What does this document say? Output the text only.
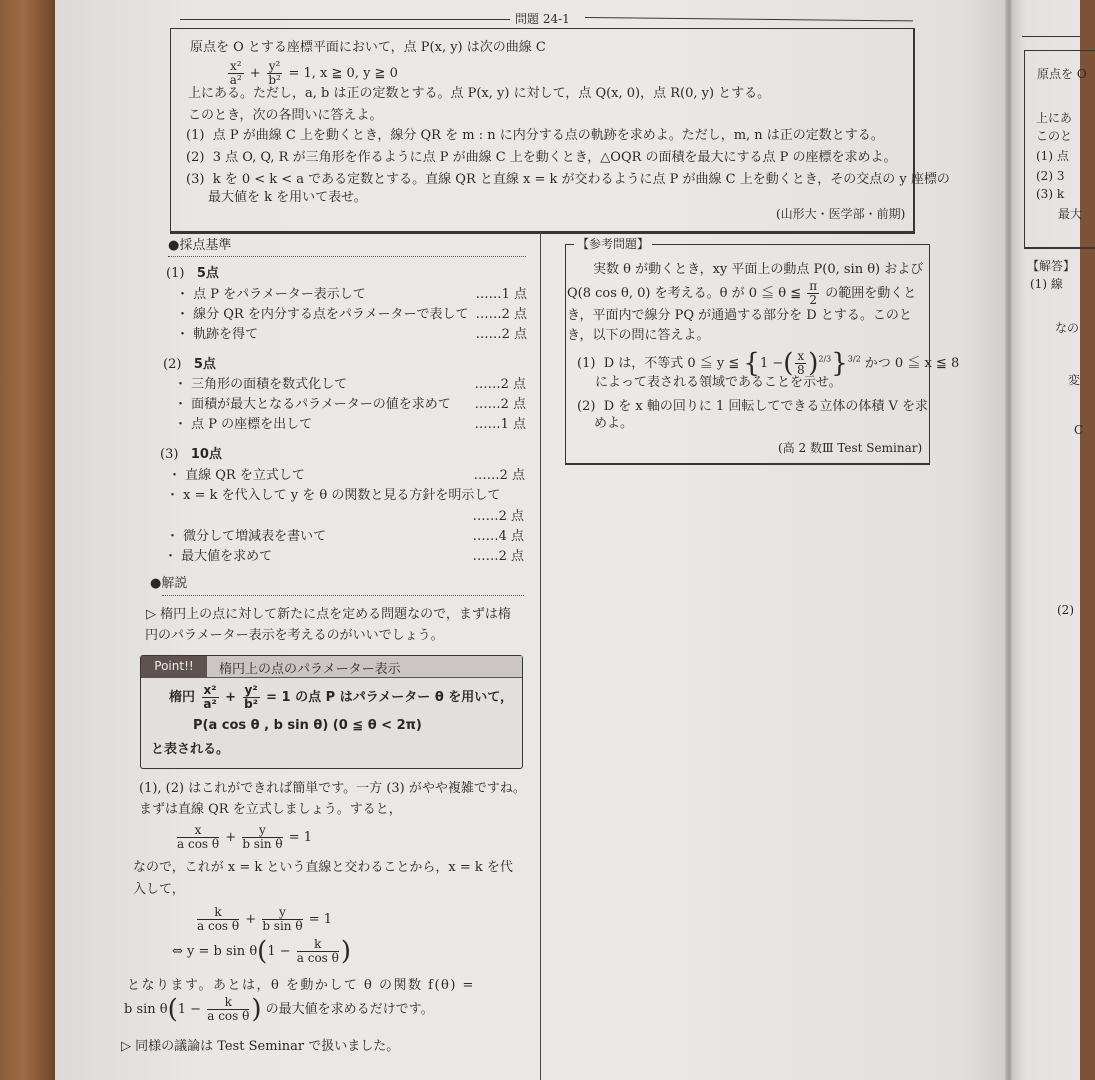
問題 24-1
原点を O とする座標平面において，点 P(x, y) は次の曲線 C
$\frac{\text{x²}}{\text{a²}} + \frac{\text{y²}}{\text{b²}} = 1$, x ≧ 0, y ≧ 0
上にある。ただし，a, b は正の定数とする。点 P(x, y) に対して，点 Q(x, 0)，点 R(0, y) とする。
このとき，次の各問いに答えよ。
(1) 点 P が曲線 C 上を動くとき，線分 QR を m : n に内分する点の軌跡を求めよ。ただし，m, n は正の定数とする。
(2) 3 点 O, Q, R が三角形を作るように点 P が曲線 C 上を動くとき，△OQR の面積を最大にする点 P の座標を求めよ。
(3) k を 0 < k < a である定数とする。直線 QR と直線 x = k が交わるように点 P が曲線 C 上を動くとき，その交点の y 座標の
最大値を k を用いて表せ。
(山形大・医学部・前期)
●採点基準
(1) 5点
・ 点 P をパラメーター表示して	……1 点
・ 線分 QR を内分する点をパラメーターで表して ……2 点
・ 軌跡を得て	……2 点
(2) 5点
・ 三角形の面積を数式化して	……2 点
・ 面積が最大となるパラメーターの値を求めて	……2 点
・ 点 P の座標を出して	……1 点
(3) 10点
・ 直線 QR を立式して	……2 点
・ x = k を代入して y を θ の関数と見る方針を明示して
……2 点
・ 微分して増減表を書いて	……4 点
・ 最大値を求めて	……2 点
●解説
▷ 楕円上の点に対して新たに点を定める問題なので，まずは楕
円のパラメーター表示を考えるのがいいでしょう。
Point!!	楕円上の点のパラメーター表示
楕円 $\frac{\text{x²}}{\text{a²}} + \frac{\text{y²}}{\text{b²}} = 1$ の点 P はパラメーター θ を用いて，
P(a cos θ , b sin θ) (0 ≦ θ < 2π)
と表される。
(1), (2) はこれができれば簡単です。一方 (3) がやや複雑ですね。
まずは直線 QR を立式しましょう。すると，
$\frac{x}{\text{a cos θ}} + \frac{y}{\text{b sin θ}} = 1$
なので，これが x = k という直線と交わることから，x = k を代
入して，
$\frac{k}{\text{a cos θ}} + \frac{y}{\text{b sin θ}} = 1$
⇔ y = b $\sin \theta(1 - \frac{k}{\text{a cos θ}}$ )
となります。あとは，θ を動かして θ の関数 f(θ) =
b $\sin \theta(1 - \frac{k}{\text{a cos θ}}$ ) の最大値を求めるだけです。
▷ 同様の議論は Test Seminar で扱いました。
【参考問題】
実数 θ が動くとき，xy 平面上の動点 P(0, sin θ) および
Q(8 cos θ, 0) を考える。θ が 0 ≦ θ ≦ $\frac{\pi}{2}$ の範囲を動くと
き，平面内で線分 PQ が通過する部分を D とする。このと
き，以下の問に答えよ。
(1) D は，不等式 0 ≦ y ≦ {1 −( $\frac{x}{8} )^{2/3}\}^{3/2}$ かつ 0 ≦ x ≦ 8
によって表される領域であることを示せ。
(2) D を x 軸の回りに 1 回転してできる立体の体積 V を求
めよ。
(高 2 数Ⅲ Test Seminar)
原点を O
上にあ
このと
(1) 点
(2) 3
(3) k
最大
【解答】
(1) 線
なの
変
C
(2)
